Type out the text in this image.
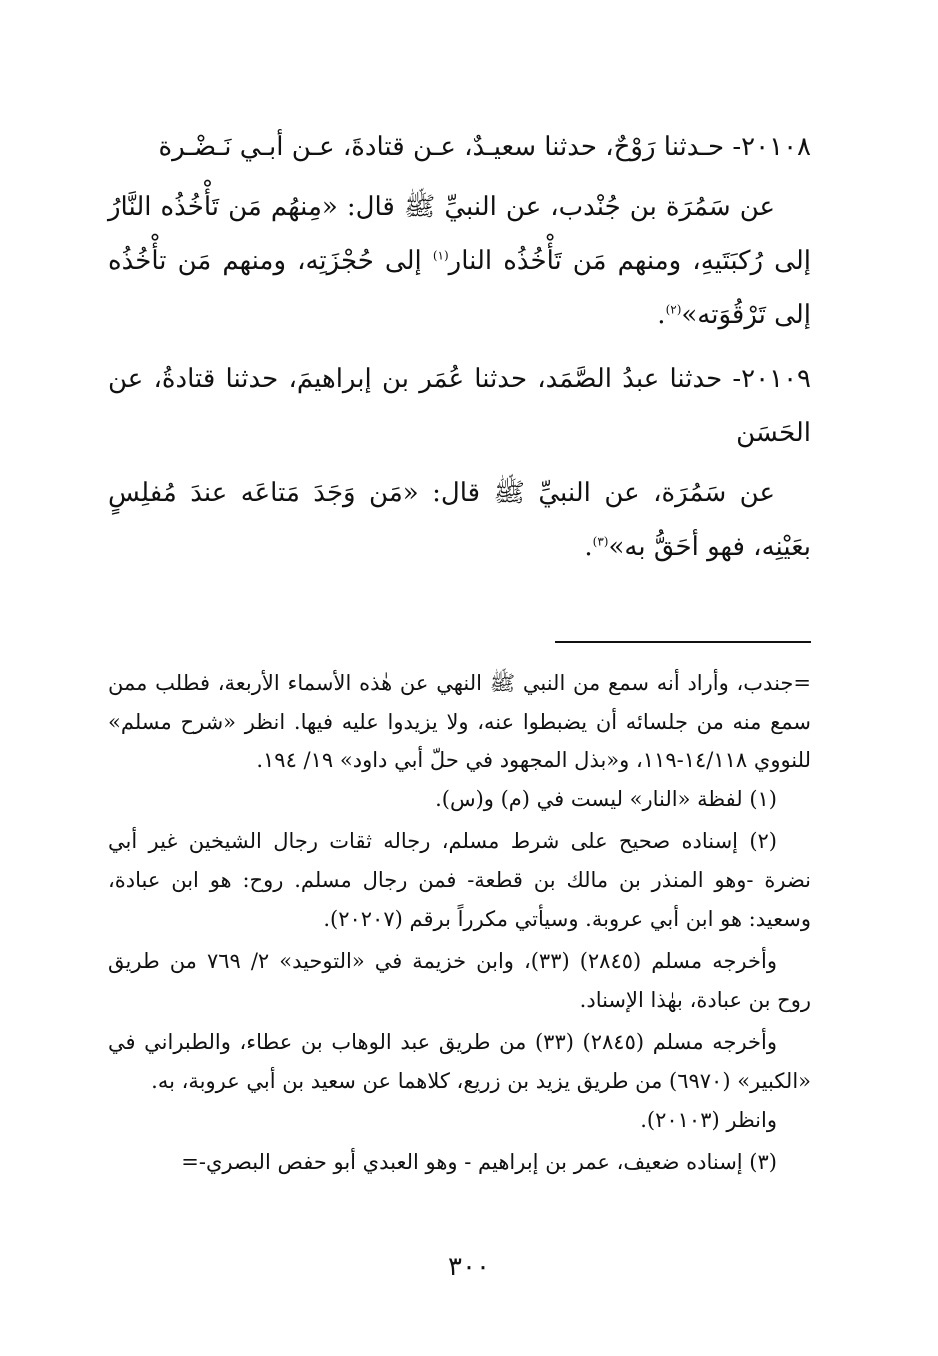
٢٠١٠٨- حـدثنا رَوْحٌ، حدثنا سعيـدٌ، عـن قتادةَ، عـن أبـي نَـضْـرة

عن سَمُرَة بن جُنْدب، عن النبيِّ ﷺ قال: «مِنهُم مَن تَأْخُذُه النَّارُ إلى رُكبَتَيهِ، ومنهم مَن تَأْخُذُه النار$^{(١)}$ إلى حُجْزَتِه، ومنهم مَن تأْخُذُه إلى تَرْقُوَته»$^{(٢)}$.

٢٠١٠٩- حدثنا عبدُ الصَّمَد، حدثنا عُمَر بن إبراهيمَ، حدثنا قتادةُ، عن الحَسَن

عن سَمُرَة، عن النبيِّ ﷺ قال: «مَن وَجَدَ مَتاعَه عندَ مُفلِسٍ بعَيْنِه، فهو أحَقُّ به»$^{(٣)}$.

=جندب، وأراد أنه سمع من النبي ﷺ النهي عن هٰذه الأسماء الأربعة، فطلب ممن سمع منه من جلسائه أن يضبطوا عنه، ولا يزيدوا عليه فيها. انظر «شرح مسلم» للنووي ١٤/١١٨-١١٩، و«بذل المجهود في حلّ أبي داود» ١٩/ ١٩٤.

(١) لفظة «النار» ليست في (م) و(س).

(٢) إسناده صحيح على شرط مسلم، رجاله ثقات رجال الشيخين غير أبي نضرة -وهو المنذر بن مالك بن قطعة- فمن رجال مسلم. روح: هو ابن عبادة، وسعيد: هو ابن أبي عروبة. وسيأتي مكرراً برقم (٢٠٢٠٧).

وأخرجه مسلم (٢٨٤٥) (٣٣)، وابن خزيمة في «التوحيد» ٢/ ٧٦٩ من طريق روح بن عبادة، بهٰذا الإسناد.

وأخرجه مسلم (٢٨٤٥) (٣٣) من طريق عبد الوهاب بن عطاء، والطبراني في «الكبير» (٦٩٧٠) من طريق يزيد بن زريع، كلاهما عن سعيد بن أبي عروبة، به.

وانظر (٢٠١٠٣).

(٣) إسناده ضعيف، عمر بن إبراهيم - وهو العبدي أبو حفص البصري-=

٣٠٠
